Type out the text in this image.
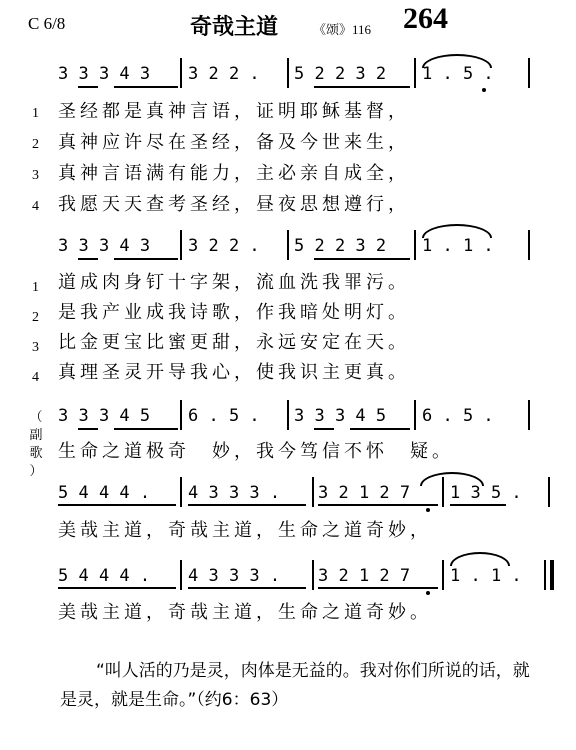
C 6/8	奇哉主道	《颂》116 264
3 3 3 4 3 3 2 2 . 5 2 2 3 2 1 . 5 .
1 圣经都是真神言语，证明耶稣基督，
2 真神应许尽在圣经，备及今世来生，
3 真神言语满有能力，主必亲自成全，
4 我愿天天查考圣经，昼夜思想遵行，
3 3 3 4 3 3 2 2 . 5 2 2 3 2 1 . 1 .
1 道成肉身钉十字架，流血洗我罪污。
2 是我产业成我诗歌，作我暗处明灯。
3 比金更宝比蜜更甜，永远安定在天。
4 真理圣灵开导我心，使我识主更真。
（
副歌
）
3 3 3 4 5 6 . 5 . 3 3 3 4 5 6 . 5 .
生命之道极奇　妙，我今笃信不怀　疑。
5 4 4 4 . 4 3 3 3 . 3 2 1 2 7 1 3 5 .
美哉主道，奇哉主道，生命之道奇妙，
5 4 4 4 . 4 3 3 3 . 3 2 1 2 7 1 . 1 .
美哉主道，奇哉主道，生命之道奇妙。
“叫人活的乃是灵，肉体是无益的。我对你们所说的话，就是灵，就是生命。”（约6：63）
